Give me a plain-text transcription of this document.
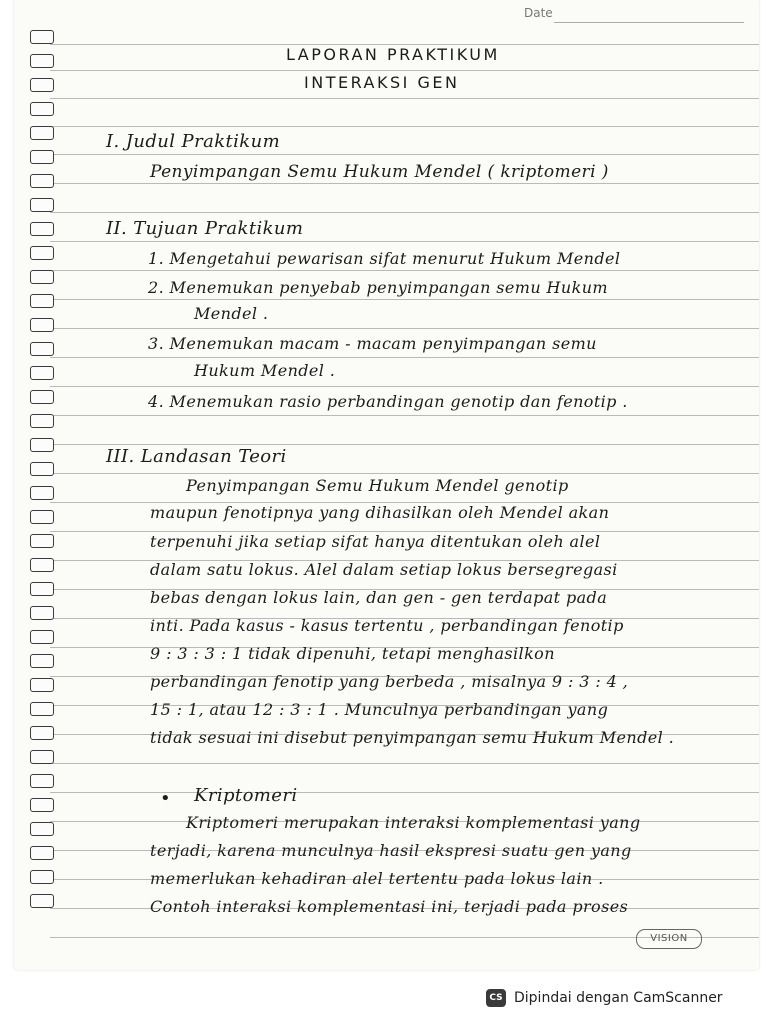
Date
LAPORAN PRAKTIKUM
INTERAKSI GEN
I. Judul Praktikum
Penyimpangan Semu Hukum Mendel ( kriptomeri )
II. Tujuan Praktikum
1. Mengetahui pewarisan sifat menurut Hukum Mendel
2. Menemukan penyebab penyimpangan semu Hukum
Mendel .
3. Menemukan macam - macam penyimpangan semu
Hukum Mendel .
4. Menemukan rasio perbandingan genotip dan fenotip .
III. Landasan Teori
Penyimpangan Semu Hukum Mendel genotip
maupun fenotipnya yang dihasilkan oleh Mendel akan
terpenuhi jika setiap sifat hanya ditentukan oleh alel
dalam satu lokus. Alel dalam setiap lokus bersegregasi
bebas dengan lokus lain, dan gen - gen terdapat pada
inti. Pada kasus - kasus tertentu , perbandingan fenotip
9 : 3 : 3 : 1 tidak dipenuhi, tetapi menghasilkon
perbandingan fenotip yang berbeda , misalnya 9 : 3 : 4 ,
15 : 1, atau 12 : 3 : 1 . Munculnya perbandingan yang
tidak sesuai ini disebut penyimpangan semu Hukum Mendel .
• Kriptomeri
Kriptomeri merupakan interaksi komplementasi yang
terjadi, karena munculnya hasil ekspresi suatu gen yang
memerlukan kehadiran alel tertentu pada lokus lain .
Contoh interaksi komplementasi ini, terjadi pada proses
VISION
CS Dipindai dengan CamScanner
